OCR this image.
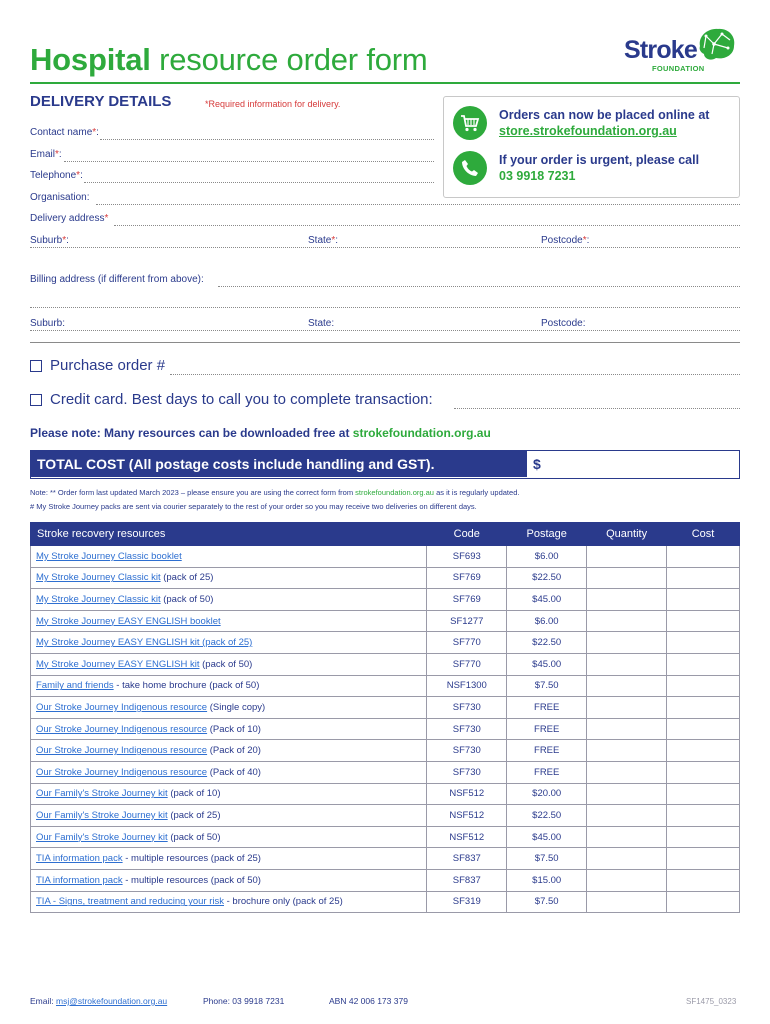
Hospital resource order form	Stroke
FOUNDATION
DELIVERY DETAILS	*Required information for delivery.
Orders can now be placed online at
store.strokefoundation.org.au
If your order is urgent, please call
03 9918 7231
Contact name*:
Email*:
Telephone*:
Organisation:
Delivery address*
Suburb*:	State*:	Postcode*:
Billing address (if different from above):
Suburb:	State:	Postcode:
Purchase order #
Credit card. Best days to call you to complete transaction:
Please note: Many resources can be downloaded free at strokefoundation.org.au
TOTAL COST (All postage costs include handling and GST).	$
Note: ** Order form last updated March 2023 – please ensure you are using the correct form from strokefoundation.org.au as it is regularly updated.
# My Stroke Journey packs are sent via courier separately to the rest of your order so you may receive two deliveries on different days.
Stroke recovery resources	Code	Postage	Quantity	Cost
My Stroke Journey Classic booklet	SF693	$6.00		
My Stroke Journey Classic kit (pack of 25)	SF769	$22.50		
My Stroke Journey Classic kit (pack of 50)	SF769	$45.00		
My Stroke Journey EASY ENGLISH booklet	SF1277	$6.00		
My Stroke Journey EASY ENGLISH kit (pack of 25)	SF770	$22.50		
My Stroke Journey EASY ENGLISH kit (pack of 50)	SF770	$45.00		
Family and friends - take home brochure (pack of 50)	NSF1300	$7.50		
Our Stroke Journey Indigenous resource (Single copy)	SF730	FREE		
Our Stroke Journey Indigenous resource (Pack of 10)	SF730	FREE		
Our Stroke Journey Indigenous resource (Pack of 20)	SF730	FREE		
Our Stroke Journey Indigenous resource (Pack of 40)	SF730	FREE		
Our Family's Stroke Journey kit (pack of 10)	NSF512	$20.00		
Our Family's Stroke Journey kit (pack of 25)	NSF512	$22.50		
Our Family's Stroke Journey kit (pack of 50)	NSF512	$45.00		
TIA information pack - multiple resources (pack of 25)	SF837	$7.50		
TIA information pack - multiple resources (pack of 50)	SF837	$15.00		
TIA - Signs, treatment and reducing your risk - brochure only (pack of 25)	SF319	$7.50		
Email: msj@strokefoundation.org.au	Phone: 03 9918 7231	ABN 42 006 173 379	SF1475_0323
